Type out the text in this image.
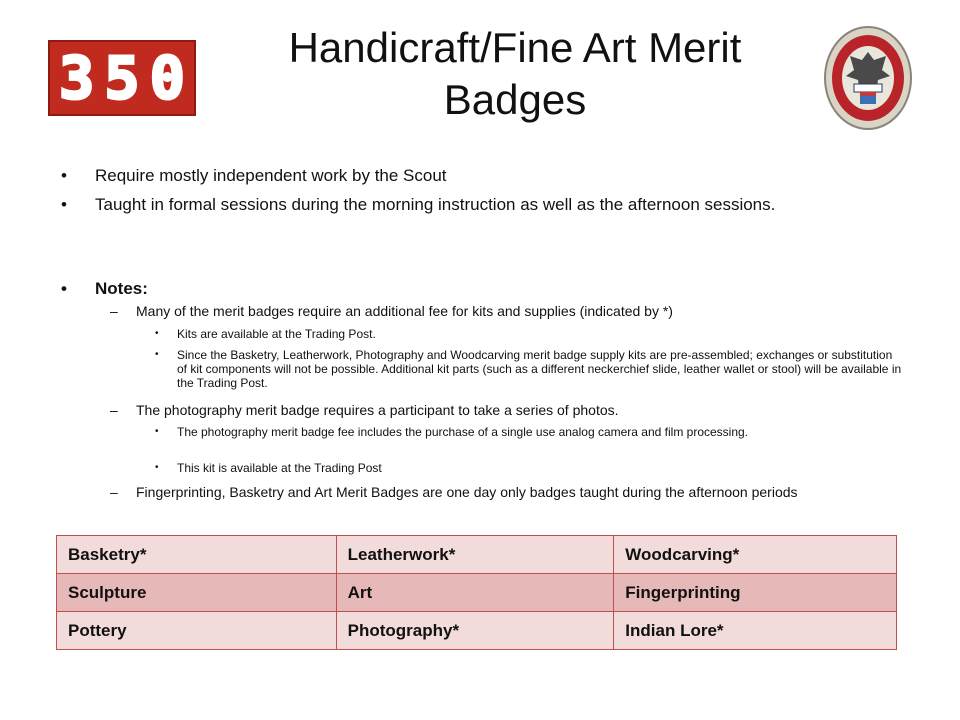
Handicraft/Fine Art Merit Badges
3 5 0
• Require mostly independent work by the Scout
• Taught in formal sessions during the morning instruction as well as the afternoon sessions.
• Notes:
– Many of the merit badges require an additional fee for kits and supplies (indicated by *)
• Kits are available at the Trading Post.
• Since the Basketry, Leatherwork, Photography and Woodcarving merit badge supply kits are pre-assembled; exchanges or substitution of kit components will not be possible. Additional kit parts (such as a different neckerchief slide, leather wallet or stool) will be available in the Trading Post.
– The photography merit badge requires a participant to take a series of photos.
• The photography merit badge fee includes the purchase of a single use analog camera and film processing.
• This kit is available at the Trading Post
– Fingerprinting, Basketry and Art Merit Badges are one day only badges taught during the afternoon periods
Basketry*	Leatherwork*	Woodcarving*
Sculpture	Art	Fingerprinting
Pottery	Photography*	Indian Lore*
